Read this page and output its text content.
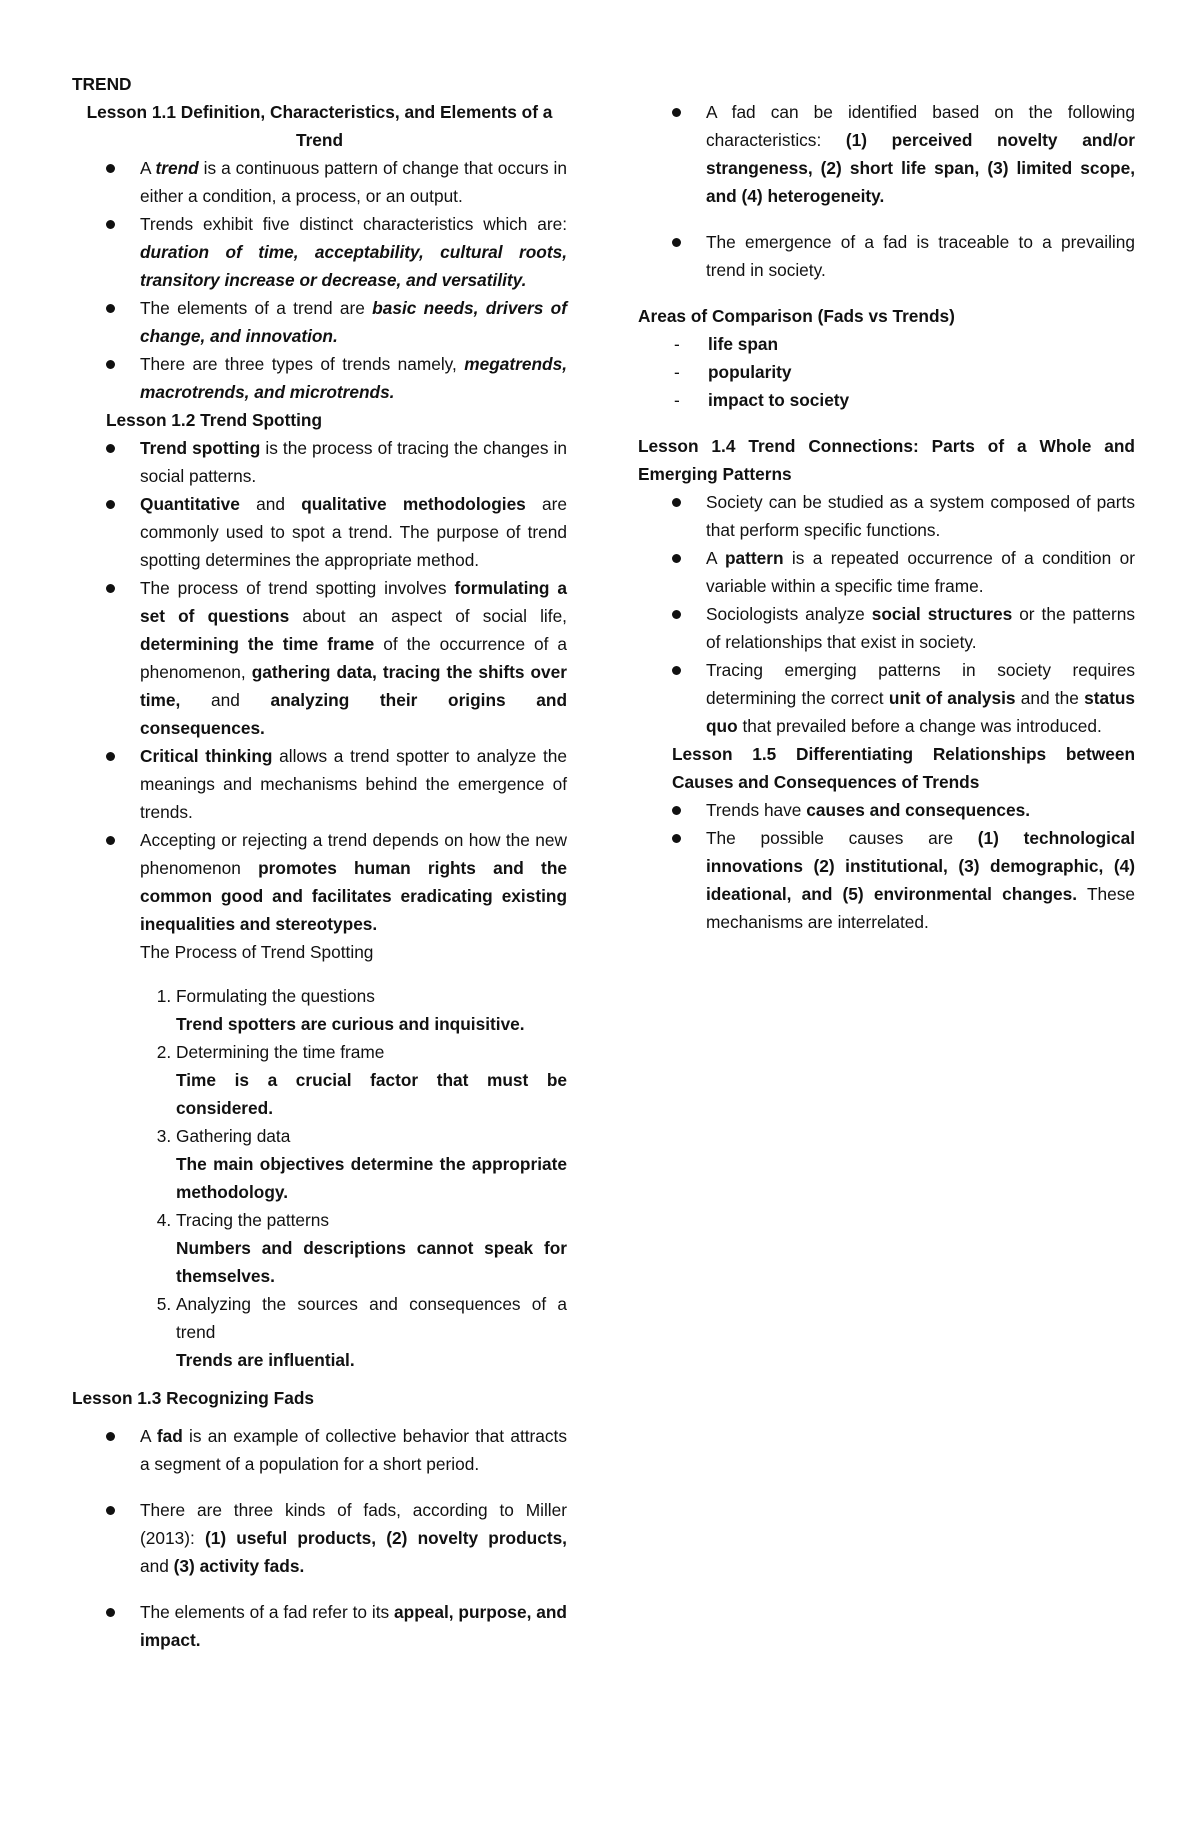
TREND

Lesson 1.1 Definition, Characteristics, and Elements of a Trend

A trend is a continuous pattern of change that occurs in either a condition, a process, or an output.
Trends exhibit five distinct characteristics which are: duration of time, acceptability, cultural roots, transitory increase or decrease, and versatility.
The elements of a trend are basic needs, drivers of change, and innovation.
There are three types of trends namely, megatrends, macrotrends, and microtrends.

Lesson 1.2 Trend Spotting

Trend spotting is the process of tracing the changes in social patterns.
Quantitative and qualitative methodologies are commonly used to spot a trend. The purpose of trend spotting determines the appropriate method.
The process of trend spotting involves formulating a set of questions about an aspect of social life, determining the time frame of the occurrence of a phenomenon, gathering data, tracing the shifts over time, and analyzing their origins and consequences.
Critical thinking allows a trend spotter to analyze the meanings and mechanisms behind the emergence of trends.
Accepting or rejecting a trend depends on how the new phenomenon promotes human rights and the common good and facilitates eradicating existing inequalities and stereotypes.

The Process of Trend Spotting

1. Formulating the questions
Trend spotters are curious and inquisitive.
2. Determining the time frame
Time is a crucial factor that must be considered.
3. Gathering data
The main objectives determine the appropriate methodology.
4. Tracing the patterns
Numbers and descriptions cannot speak for themselves.
5. Analyzing the sources and consequences of a trend
Trends are influential.

Lesson 1.3 Recognizing Fads

A fad is an example of collective behavior that attracts a segment of a population for a short period.
There are three kinds of fads, according to Miller (2013): (1) useful products, (2) novelty products, and (3) activity fads.
The elements of a fad refer to its appeal, purpose, and impact.
A fad can be identified based on the following characteristics: (1) perceived novelty and/or strangeness, (2) short life span, (3) limited scope, and (4) heterogeneity.
The emergence of a fad is traceable to a prevailing trend in society.

Areas of Comparison (Fads vs Trends)

- life span
- popularity
- impact to society

Lesson 1.4 Trend Connections: Parts of a Whole and Emerging Patterns

Society can be studied as a system composed of parts that perform specific functions.
A pattern is a repeated occurrence of a condition or variable within a specific time frame.
Sociologists analyze social structures or the patterns of relationships that exist in society.
Tracing emerging patterns in society requires determining the correct unit of analysis and the status quo that prevailed before a change was introduced.

Lesson 1.5 Differentiating Relationships between Causes and Consequences of Trends

Trends have causes and consequences.
The possible causes are (1) technological innovations (2) institutional, (3) demographic, (4) ideational, and (5) environmental changes. These mechanisms are interrelated.
